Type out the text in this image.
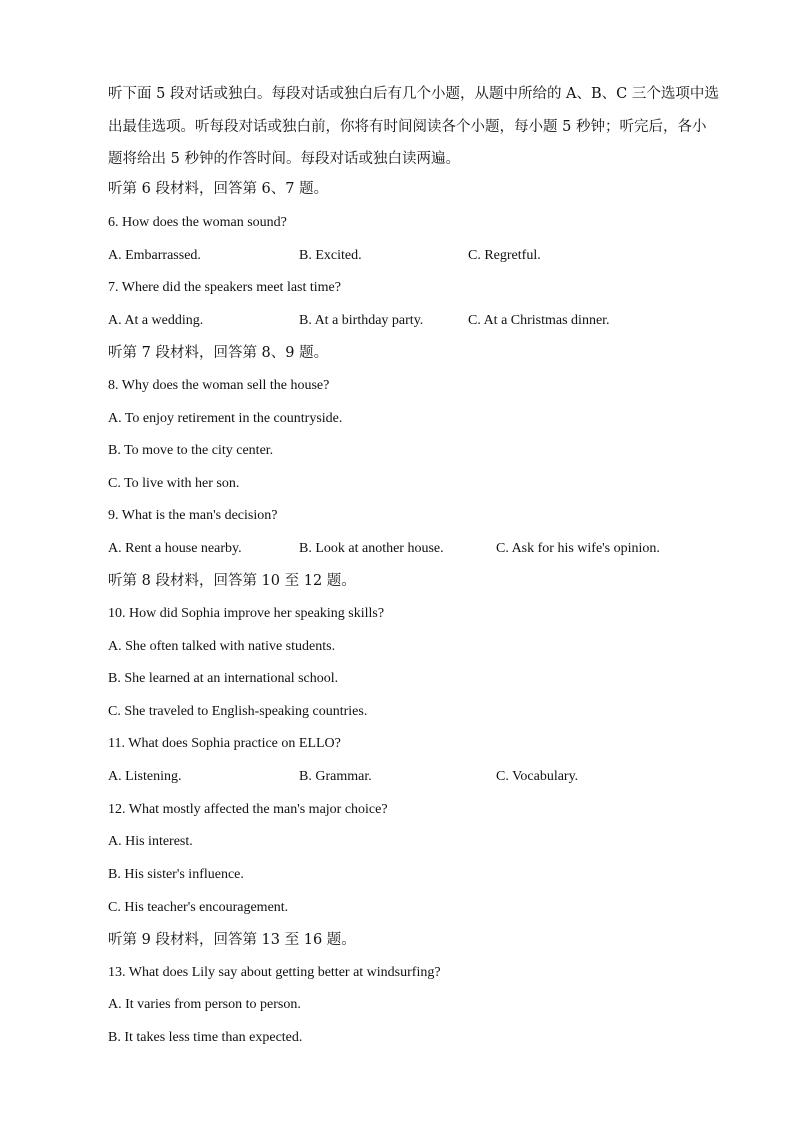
听下面 5 段对话或独白。每段对话或独白后有几个小题，从题中所给的 A、B、C 三个选项中选出最佳选项。听每段对话或独白前，你将有时间阅读各个小题，每小题 5 秒钟；听完后，各小题将给出 5 秒钟的作答时间。每段对话或独白读两遍。

听第 6 段材料，回答第 6、7 题。
6. How does the woman sound?
A. Embarrassed.	B. Excited.	C. Regretful.
7. Where did the speakers meet last time?
A. At a wedding.	B. At a birthday party.	C. At a Christmas dinner.
听第 7 段材料，回答第 8、9 题。
8. Why does the woman sell the house?
A. To enjoy retirement in the countryside.
B. To move to the city center.
C. To live with her son.
9. What is the man's decision?
A. Rent a house nearby.	B. Look at another house.	C. Ask for his wife's opinion.
听第 8 段材料，回答第 10 至 12 题。
10. How did Sophia improve her speaking skills?
A. She often talked with native students.
B. She learned at an international school.
C. She traveled to English-speaking countries.
11. What does Sophia practice on ELLO?
A. Listening.	B. Grammar.	C. Vocabulary.
12. What mostly affected the man's major choice?
A. His interest.
B. His sister's influence.
C. His teacher's encouragement.
听第 9 段材料，回答第 13 至 16 题。
13. What does Lily say about getting better at windsurfing?
A. It varies from person to person.
B. It takes less time than expected.
